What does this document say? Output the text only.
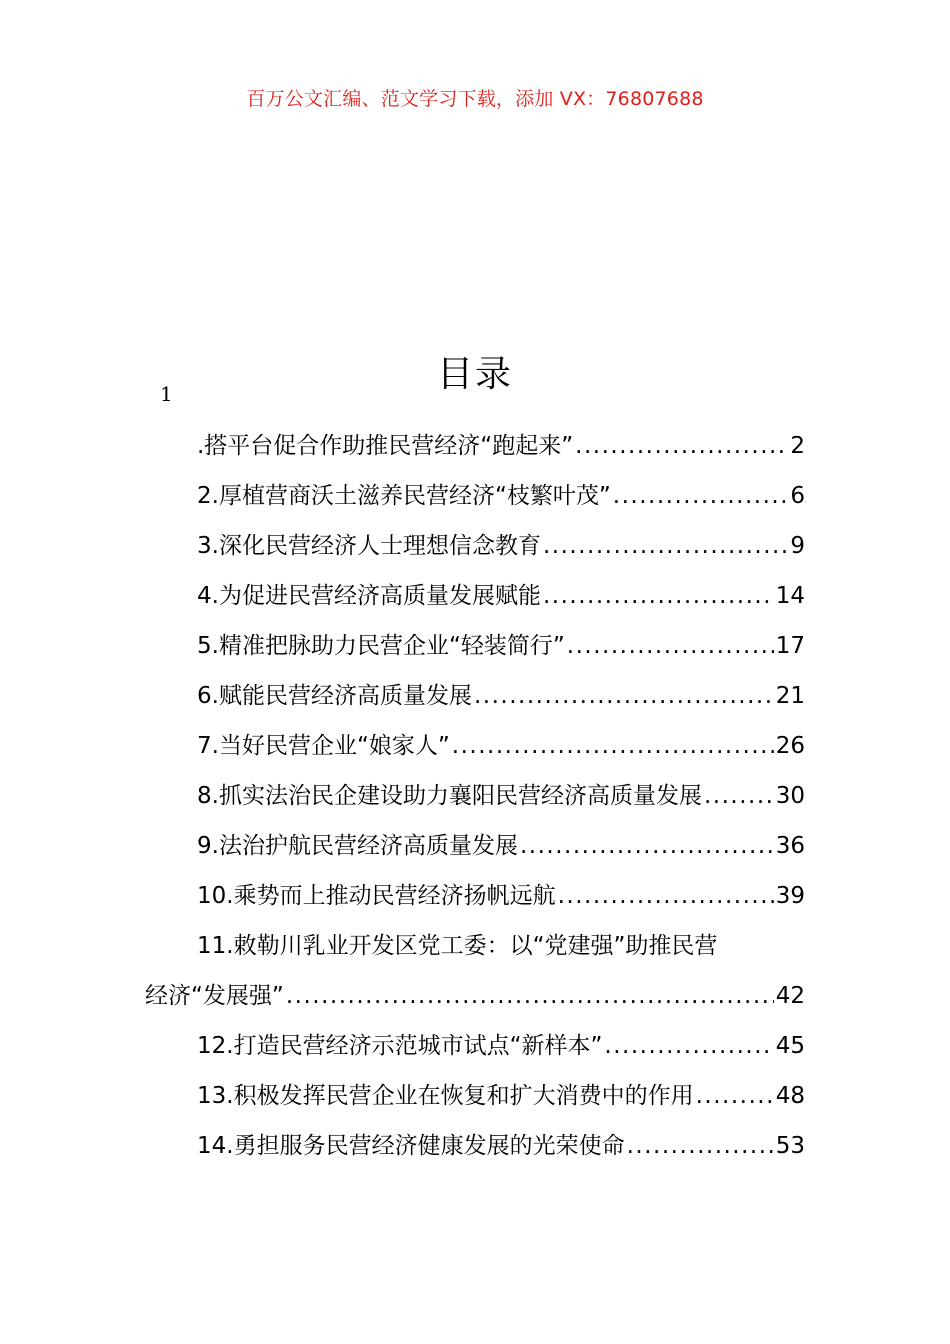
百万公文汇编、范文学习下载，添加 VX：76807688
目录
1
.搭平台促合作助推民营经济“跑起来” .....	2
2.厚植营商沃土滋养民营经济“枝繁叶茂” .....	6
3.深化民营经济人士理想信念教育 .....	9
4.为促进民营经济高质量发展赋能 .....	14
5.精准把脉助力民营企业“轻装简行” .....	17
6.赋能民营经济高质量发展 .....	21
7.当好民营企业“娘家人” .....	26
8.抓实法治民企建设助力襄阳民营经济高质量发展 .....	30
9.法治护航民营经济高质量发展 .....	36
10.乘势而上推动民营经济扬帆远航 .....	39
11.敕勒川乳业开发区党工委：以“党建强”助推民营
经济“发展强” .....	42
12.打造民营经济示范城市试点“新样本” .....	45
13.积极发挥民营企业在恢复和扩大消费中的作用 .....	48
14.勇担服务民营经济健康发展的光荣使命 .....	53
